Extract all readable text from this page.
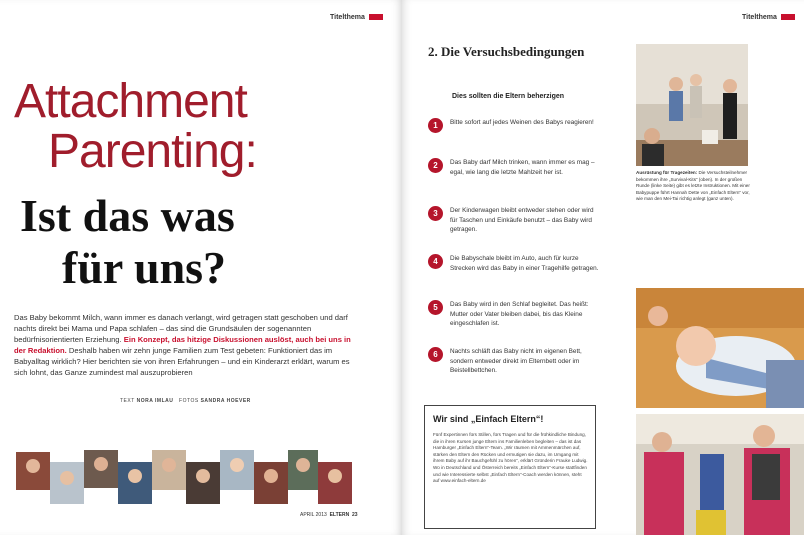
Titelthema
Attachment
Parenting:
Ist das was
für uns?
Das Baby bekommt Milch, wann immer es danach verlangt, wird getragen statt geschoben und darf nachts direkt bei Mama und Papa schlafen – das sind die Grundsäulen der sogenannten bedürfnisorientierten Erziehung. Ein Konzept, das hitzige Diskussionen auslöst, auch bei uns in der Redaktion. Deshalb haben wir zehn junge Familien zum Test gebeten: Funktioniert das im Babyalltag wirklich? Hier berichten sie von ihren Erfahrungen – und ein Kinderarzt erklärt, warum es sich lohnt, das Ganze zumindest mal auszuprobieren
TEXT NORA IMLAU FOTOS SANDRA HOEVER
APRIL 2013 ELTERN 23
Titelthema
2. Die Versuchsbedingungen
Dies sollten die Eltern beherzigen
1	Bitte sofort auf jedes Weinen des Babys reagieren!
2	Das Baby darf Milch trinken, wann immer es mag – egal, wie lang die letzte Mahlzeit her ist.
3	Der Kinderwagen bleibt entweder stehen oder wird für Taschen und Einkäufe benutzt – das Baby wird getragen.
4	Die Babyschale bleibt im Auto, auch für kurze Strecken wird das Baby in einer Tragehilfe getragen.
5	Das Baby wird in den Schlaf begleitet. Das heißt: Mutter oder Vater bleiben dabei, bis das Kleine eingeschlafen ist.
6	Nachts schläft das Baby nicht im eigenen Bett, sondern entweder direkt im Elternbett oder im Beistellbettchen.
Wir sind „Einfach Eltern“!
Fünf Expertinnen fürs Stillen, fürs Tragen und für die frühkindliche Bindung, die in ihren Kursen junge Eltern ins Familienleben begleiten – das ist das Hamburger „Einfach Eltern“-Team. „Wir räumen mit Ammenmärchen auf, stärken den Eltern den Rücken und ermutigen sie dazu, im Umgang mit ihrem Baby auf ihr Bauchgefühl zu hören“, erklärt Gründerin Frauke Ludwig. Wo in Deutschland und Österreich bereits „Einfach Eltern“-Kurse stattfinden und wie Interessierte selbst „Einfach Eltern“-Coach werden können, steht auf www.einfach-eltern.de
Ausrüstung für Tragezeiten: Die Versuchsteilnehmer bekommen ihre „Survival-Kits“ (oben). In der großen Runde (linke Seite) gibt es letzte Instruktionen. Mit einer Babypuppe führt Hannah Dette von „Einfach Eltern“ vor, wie man den Mei-Tai richtig anlegt (ganz unten).
